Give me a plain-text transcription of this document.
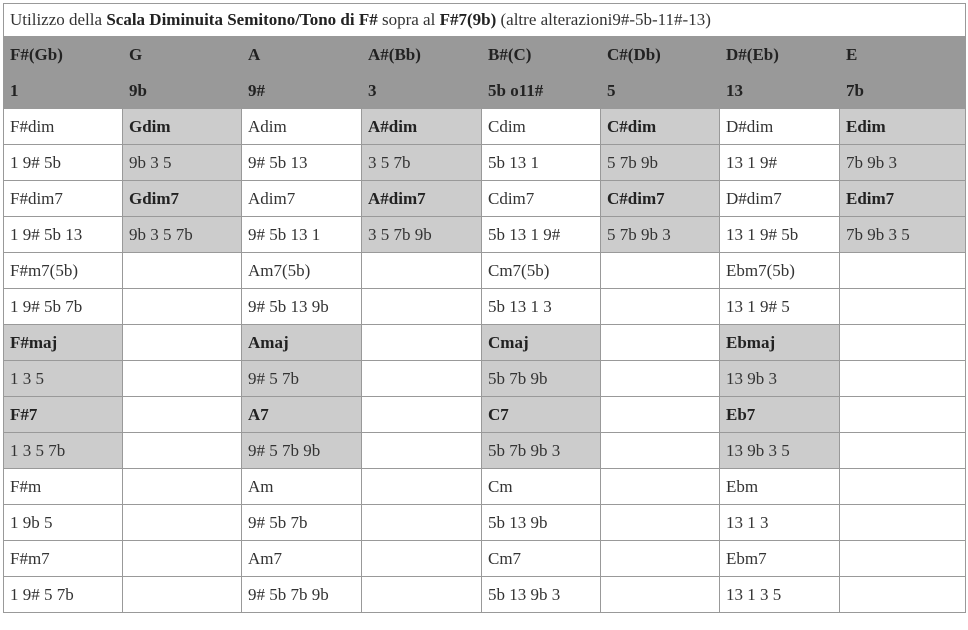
Utilizzo della Scala Diminuita Semitono/Tono di F# sopra al F#7(9b) (altre alterazioni9#-5b-11#-13)							
F#(Gb)	G	A	A#(Bb)	B#(C)	C#(Db)	D#(Eb)	E
1	9b	9#	3	5b o11#	5	13	7b
F#dim	Gdim	Adim	A#dim	Cdim	C#dim	D#dim	Edim
1 9# 5b	9b 3 5	9# 5b 13	3 5 7b	5b 13 1	5 7b 9b	13 1 9#	7b 9b 3
F#dim7	Gdim7	Adim7	A#dim7	Cdim7	C#dim7	D#dim7	Edim7
1 9# 5b 13	9b 3 5 7b	9# 5b 13 1	3 5 7b 9b	5b 13 1 9#	5 7b 9b 3	13 1 9# 5b	7b 9b 3 5
F#m7(5b)		Am7(5b)		Cm7(5b)		Ebm7(5b)	
1 9# 5b 7b		9# 5b 13 9b		5b 13 1 3		13 1 9# 5	
F#maj		Amaj		Cmaj		Ebmaj	
1 3 5		9# 5 7b		5b 7b 9b		13 9b 3	
F#7		A7		C7		Eb7	
1 3 5 7b		9# 5 7b 9b		5b 7b 9b 3		13 9b 3 5	
F#m		Am		Cm		Ebm	
1 9b 5		9# 5b 7b		5b 13 9b		13 1 3	
F#m7		Am7		Cm7		Ebm7	
1 9# 5 7b		9# 5b 7b 9b		5b 13 9b 3		13 1 3 5	
